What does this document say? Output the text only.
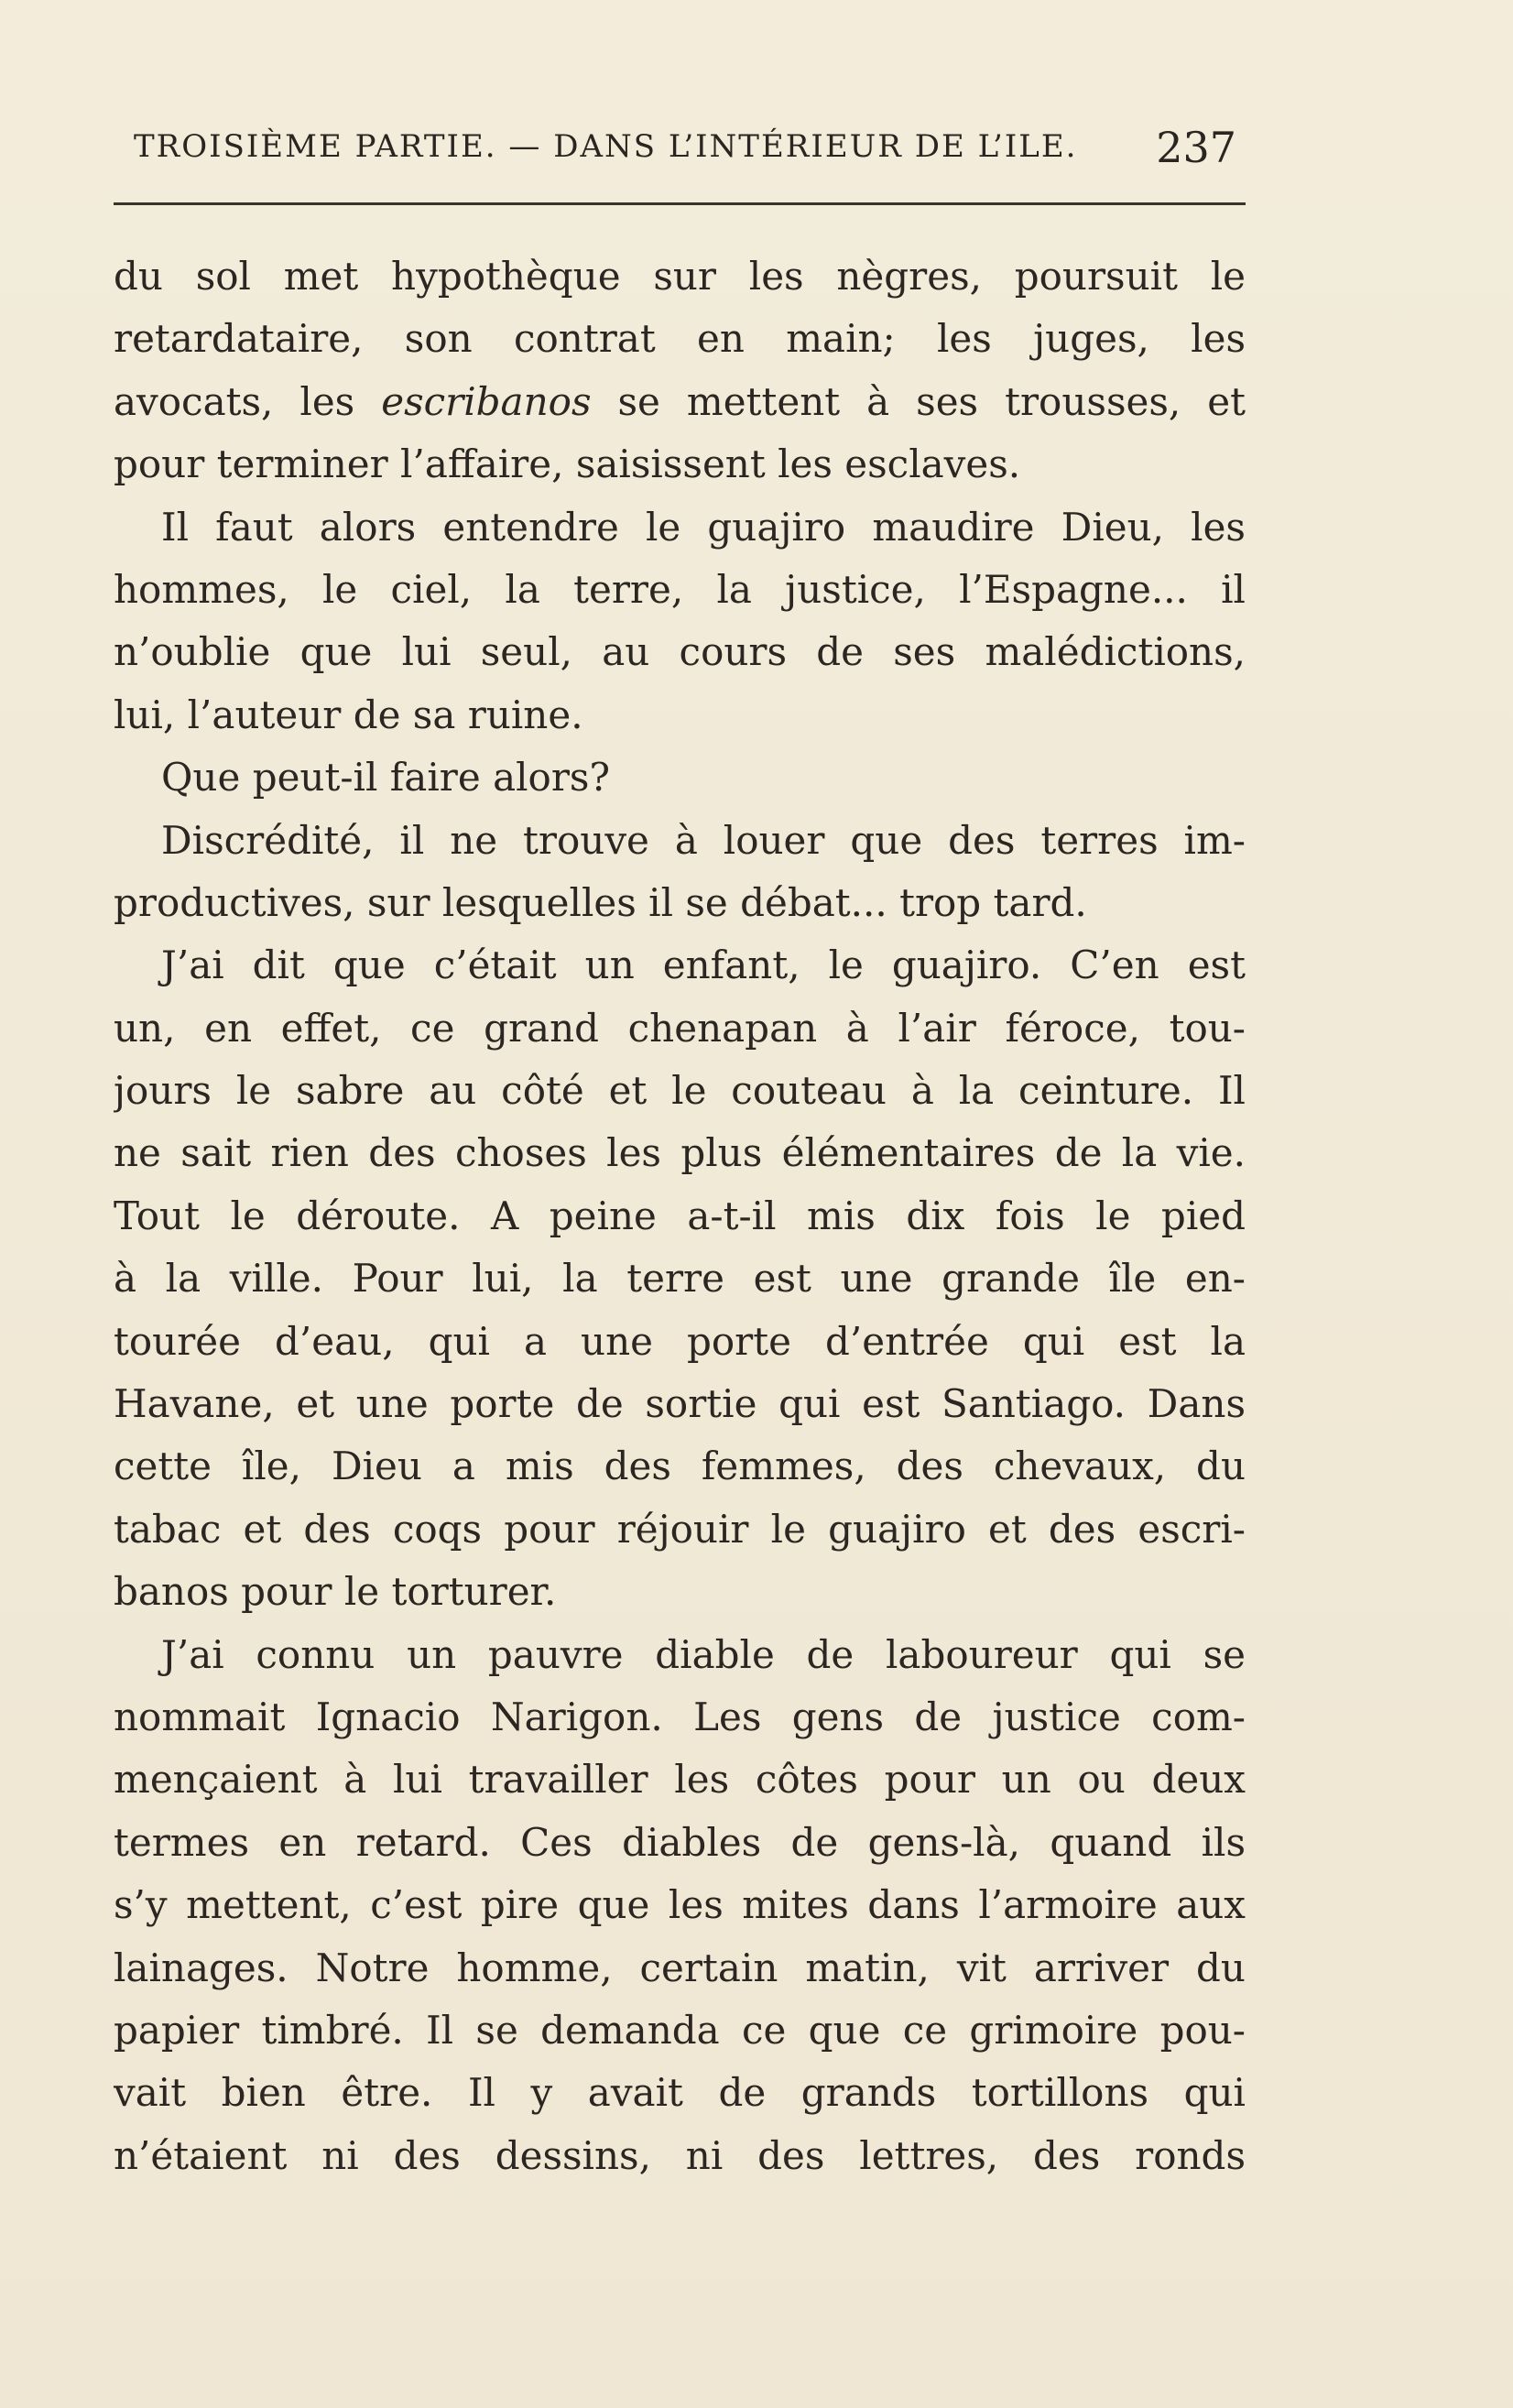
TROISIÈME PARTIE. — DANS L’INTÉRIEUR DE L’ILE. 237
du sol met hypothèque sur les nègres, poursuit le
retardataire, son contrat en main; les juges, les
avocats, les escribanos se mettent à ses trousses, et
pour terminer l’affaire, saisissent les esclaves.
Il faut alors entendre le guajiro maudire Dieu, les
hommes, le ciel, la terre, la justice, l’Espagne... il
n’oublie que lui seul, au cours de ses malédictions,
lui, l’auteur de sa ruine.
Que peut-il faire alors?
Discrédité, il ne trouve à louer que des terres im-
productives, sur lesquelles il se débat... trop tard.
J’ai dit que c’était un enfant, le guajiro. C’en est
un, en effet, ce grand chenapan à l’air féroce, tou-
jours le sabre au côté et le couteau à la ceinture. Il
ne sait rien des choses les plus élémentaires de la vie.
Tout le déroute. A peine a-t-il mis dix fois le pied
à la ville. Pour lui, la terre est une grande île en-
tourée d’eau, qui a une porte d’entrée qui est la
Havane, et une porte de sortie qui est Santiago. Dans
cette île, Dieu a mis des femmes, des chevaux, du
tabac et des coqs pour réjouir le guajiro et des escri-
banos pour le torturer.
J’ai connu un pauvre diable de laboureur qui se
nommait Ignacio Narigon. Les gens de justice com-
mençaient à lui travailler les côtes pour un ou deux
termes en retard. Ces diables de gens-là, quand ils
s’y mettent, c’est pire que les mites dans l’armoire aux
lainages. Notre homme, certain matin, vit arriver du
papier timbré. Il se demanda ce que ce grimoire pou-
vait bien être. Il y avait de grands tortillons qui
n’étaient ni des dessins, ni des lettres, des ronds
